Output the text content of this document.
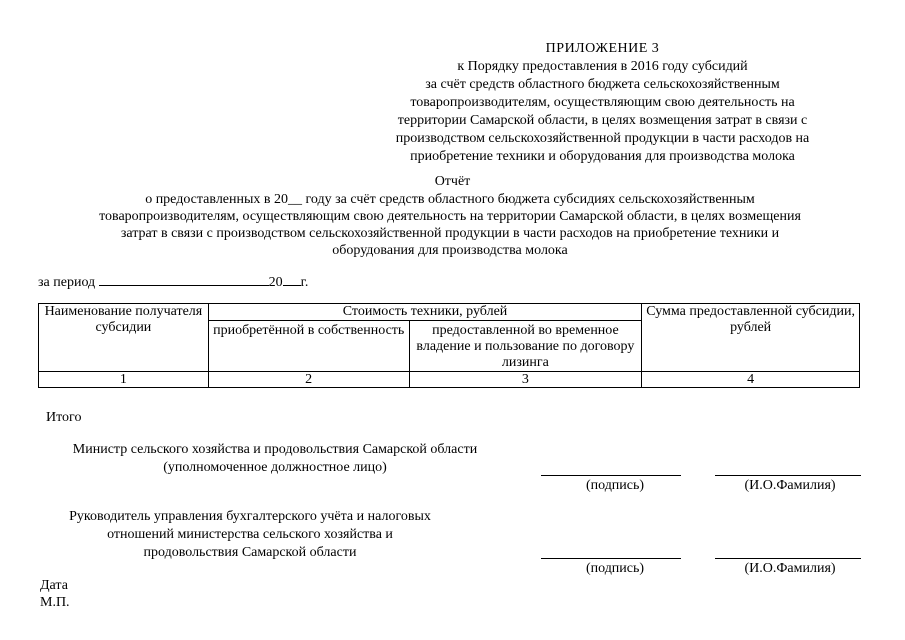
ПРИЛОЖЕНИЕ 3
к Порядку предоставления в 2016 году субсидий
за счёт средств областного бюджета сельскохозяйственным
товаропроизводителям, осуществляющим свою деятельность на
территории Самарской области, в целях возмещения затрат в связи с
производством сельскохозяйственной продукции в части расходов на
приобретение техники и оборудования для производства молока
Отчёт
о предоставленных в 20__ году за счёт средств областного бюджета субсидиях сельскохозяйственным
товаропроизводителям, осуществляющим свою деятельность на территории Самарской области, в целях возмещения
затрат в связи с производством сельскохозяйственной продукции в части расходов на приобретение техники и
оборудования для производства молока
за период	20 г.
Наименование получателя субсидии	Стоимость техники, рублей		Сумма предоставленной субсидии, рублей
	приобретённой в собственность	предоставленной во временное владение и пользование по договору лизинга	
1	2	3	4
Итого
Министр сельского хозяйства и продовольствия Самарской области
(уполномоченное должностное лицо)
(подпись)	(И.О.Фамилия)
Руководитель управления бухгалтерского учёта и налоговых
отношений министерства сельского хозяйства и
продовольствия Самарской области
(подпись)	(И.О.Фамилия)
Дата
М.П.
